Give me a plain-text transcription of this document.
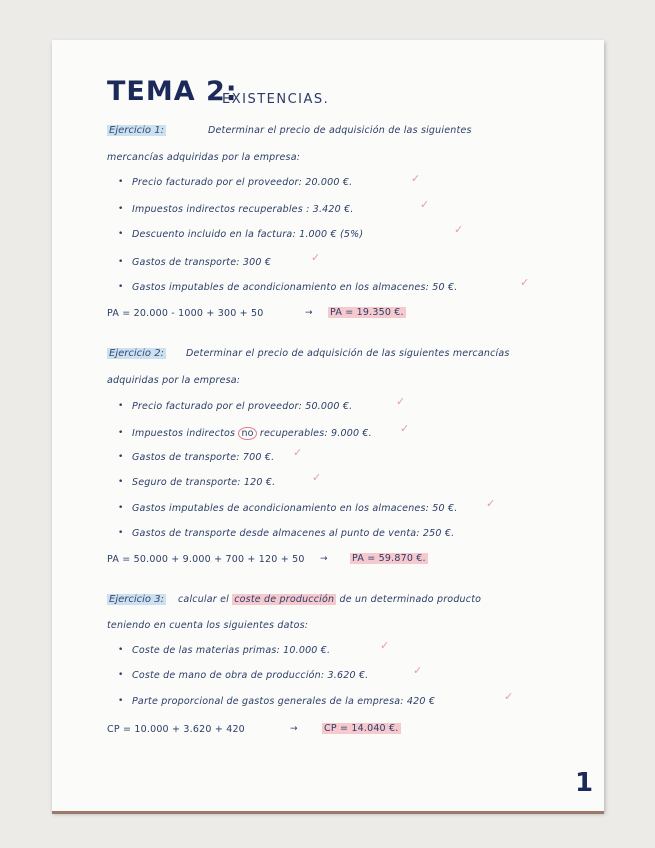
TEMA 2:
EXISTENCIAS.
Ejercicio 1:	Determinar el precio de adquisición de las siguientes
mercancías adquiridas por la empresa:
• Precio facturado por el proveedor: 20.000 €.	✓
• Impuestos indirectos recuperables : 3.420 €.	✓
• Descuento incluido en la factura: 1.000 € (5%)	✓
• Gastos de transporte: 300 €	✓
• Gastos imputables de acondicionamiento en los almacenes: 50 €.	✓
PA = 20.000 - 1000 + 300 + 50	→ PA = 19.350 €.
Ejercicio 2: Determinar el precio de adquisición de las siguientes mercancías
adquiridas por la empresa:
• Precio facturado por el proveedor: 50.000 €.	✓
• Impuestos indirectos no recuperables: 9.000 €.	✓
• Gastos de transporte: 700 €. ✓
• Seguro de transporte: 120 €.	✓
• Gastos imputables de acondicionamiento en los almacenes: 50 €.	✓
• Gastos de transporte desde almacenes al punto de venta: 250 €.
PA = 50.000 + 9.000 + 700 + 120 + 50 →	PA = 59.870 €.
Ejercicio 3: calcular el coste de producción de un determinado producto
teniendo en cuenta los siguientes datos:
• Coste de las materias primas: 10.000 €.	✓
• Coste de mano de obra de producción: 3.620 €.	✓
• Parte proporcional de gastos generales de la empresa: 420 €	✓
CP = 10.000 + 3.620 + 420	→	CP = 14.040 €.
1
